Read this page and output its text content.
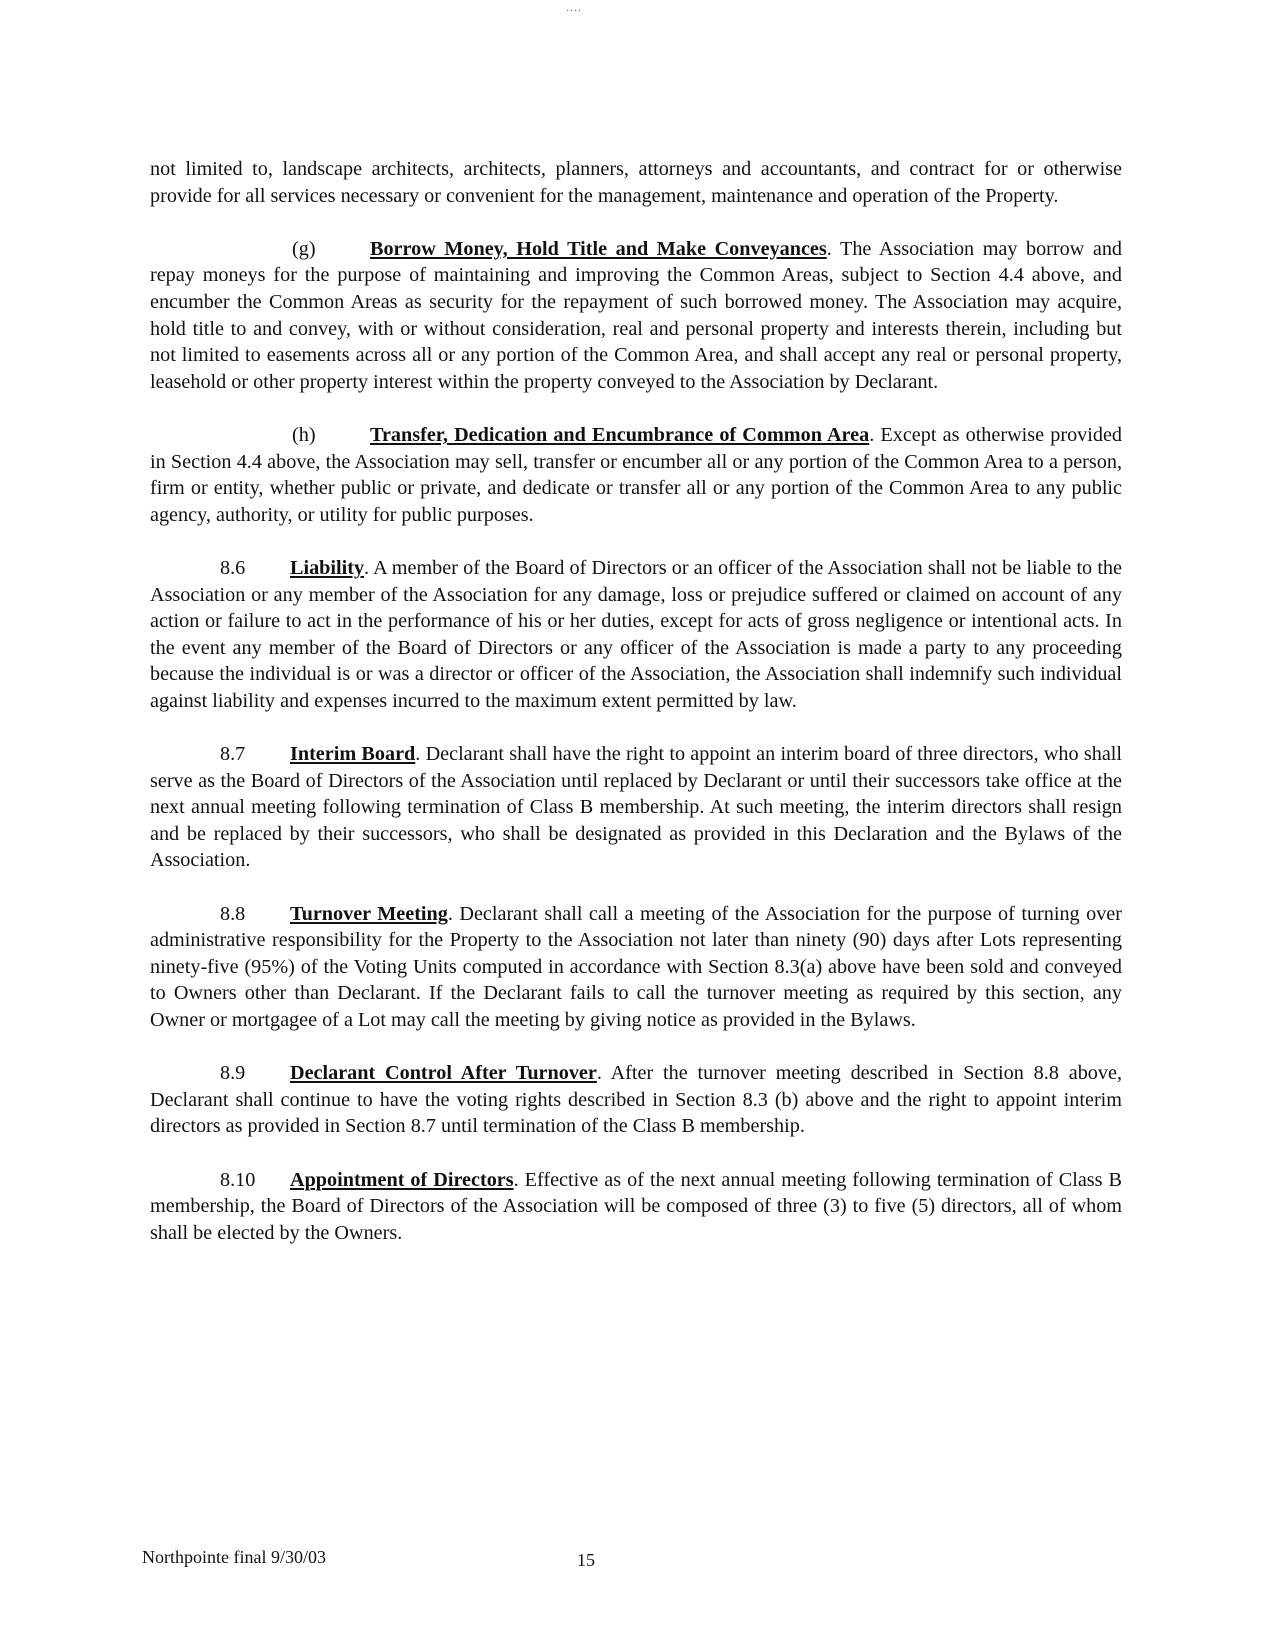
....

not limited to, landscape architects, architects, planners, attorneys and accountants, and contract for or otherwise provide for all services necessary or convenient for the management, maintenance and operation of the Property.

(g)	Borrow Money, Hold Title and Make Conveyances. The Association may borrow and repay moneys for the purpose of maintaining and improving the Common Areas, subject to Section 4.4 above, and encumber the Common Areas as security for the repayment of such borrowed money. The Association may acquire, hold title to and convey, with or without consideration, real and personal property and interests therein, including but not limited to easements across all or any portion of the Common Area, and shall accept any real or personal property, leasehold or other property interest within the property conveyed to the Association by Declarant.

(h)	Transfer, Dedication and Encumbrance of Common Area. Except as otherwise provided in Section 4.4 above, the Association may sell, transfer or encumber all or any portion of the Common Area to a person, firm or entity, whether public or private, and dedicate or transfer all or any portion of the Common Area to any public agency, authority, or utility for public purposes.

8.6 Liability. A member of the Board of Directors or an officer of the Association shall not be liable to the Association or any member of the Association for any damage, loss or prejudice suffered or claimed on account of any action or failure to act in the performance of his or her duties, except for acts of gross negligence or intentional acts. In the event any member of the Board of Directors or any officer of the Association is made a party to any proceeding because the individual is or was a director or officer of the Association, the Association shall indemnify such individual against liability and expenses incurred to the maximum extent permitted by law.

8.7 Interim Board. Declarant shall have the right to appoint an interim board of three directors, who shall serve as the Board of Directors of the Association until replaced by Declarant or until their successors take office at the next annual meeting following termination of Class B membership. At such meeting, the interim directors shall resign and be replaced by their successors, who shall be designated as provided in this Declaration and the Bylaws of the Association.

8.8 Turnover Meeting. Declarant shall call a meeting of the Association for the purpose of turning over administrative responsibility for the Property to the Association not later than ninety (90) days after Lots representing ninety-five (95%) of the Voting Units computed in accordance with Section 8.3(a) above have been sold and conveyed to Owners other than Declarant. If the Declarant fails to call the turnover meeting as required by this section, any Owner or mortgagee of a Lot may call the meeting by giving notice as provided in the Bylaws.

8.9 Declarant Control After Turnover. After the turnover meeting described in Section 8.8 above, Declarant shall continue to have the voting rights described in Section 8.3 (b) above and the right to appoint interim directors as provided in Section 8.7 until termination of the Class B membership.

8.10 Appointment of Directors. Effective as of the next annual meeting following termination of Class B membership, the Board of Directors of the Association will be composed of three (3) to five (5) directors, all of whom shall be elected by the Owners.

Northpointe final 9/30/03	15
